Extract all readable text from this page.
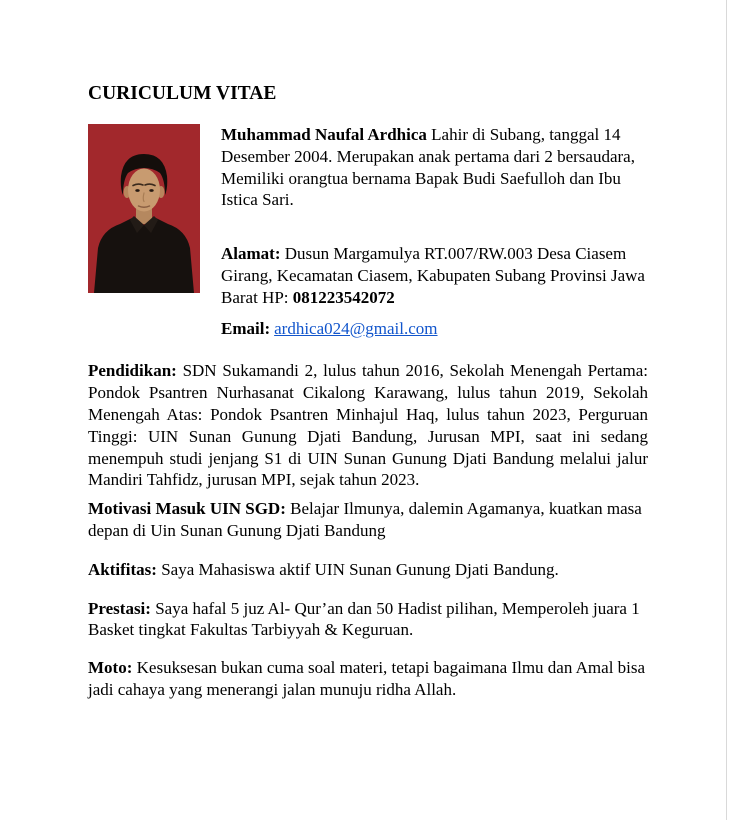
CURICULUM VITAE

Muhammad Naufal Ardhica Lahir di Subang, tanggal 14 Desember 2004. Merupakan anak pertama dari 2 bersaudara, Memiliki orangtua bernama Bapak Budi Saefulloh dan Ibu Istica Sari.

Alamat: Dusun Margamulya RT.007/RW.003 Desa Ciasem Girang, Kecamatan Ciasem, Kabupaten Subang Provinsi Jawa Barat HP: 081223542072

Email: ardhica024@gmail.com

Pendidikan: SDN Sukamandi 2, lulus tahun 2016, Sekolah Menengah Pertama: Pondok Psantren Nurhasanat Cikalong Karawang, lulus tahun 2019, Sekolah Menengah Atas: Pondok Psantren Minhajul Haq, lulus tahun 2023, Perguruan Tinggi: UIN Sunan Gunung Djati Bandung, Jurusan MPI, saat ini sedang menempuh studi jenjang S1 di UIN Sunan Gunung Djati Bandung melalui jalur Mandiri Tahfidz, jurusan MPI, sejak tahun 2023.

Motivasi Masuk UIN SGD: Belajar Ilmunya, dalemin Agamanya, kuatkan masa depan di Uin Sunan Gunung Djati Bandung

Aktifitas: Saya Mahasiswa aktif UIN Sunan Gunung Djati Bandung.

Prestasi: Saya hafal 5 juz Al- Qur’an dan 50 Hadist pilihan, Memperoleh juara 1 Basket tingkat Fakultas Tarbiyyah & Keguruan.

Moto: Kesuksesan bukan cuma soal materi, tetapi bagaimana Ilmu dan Amal bisa jadi cahaya yang menerangi jalan munuju ridha Allah.
